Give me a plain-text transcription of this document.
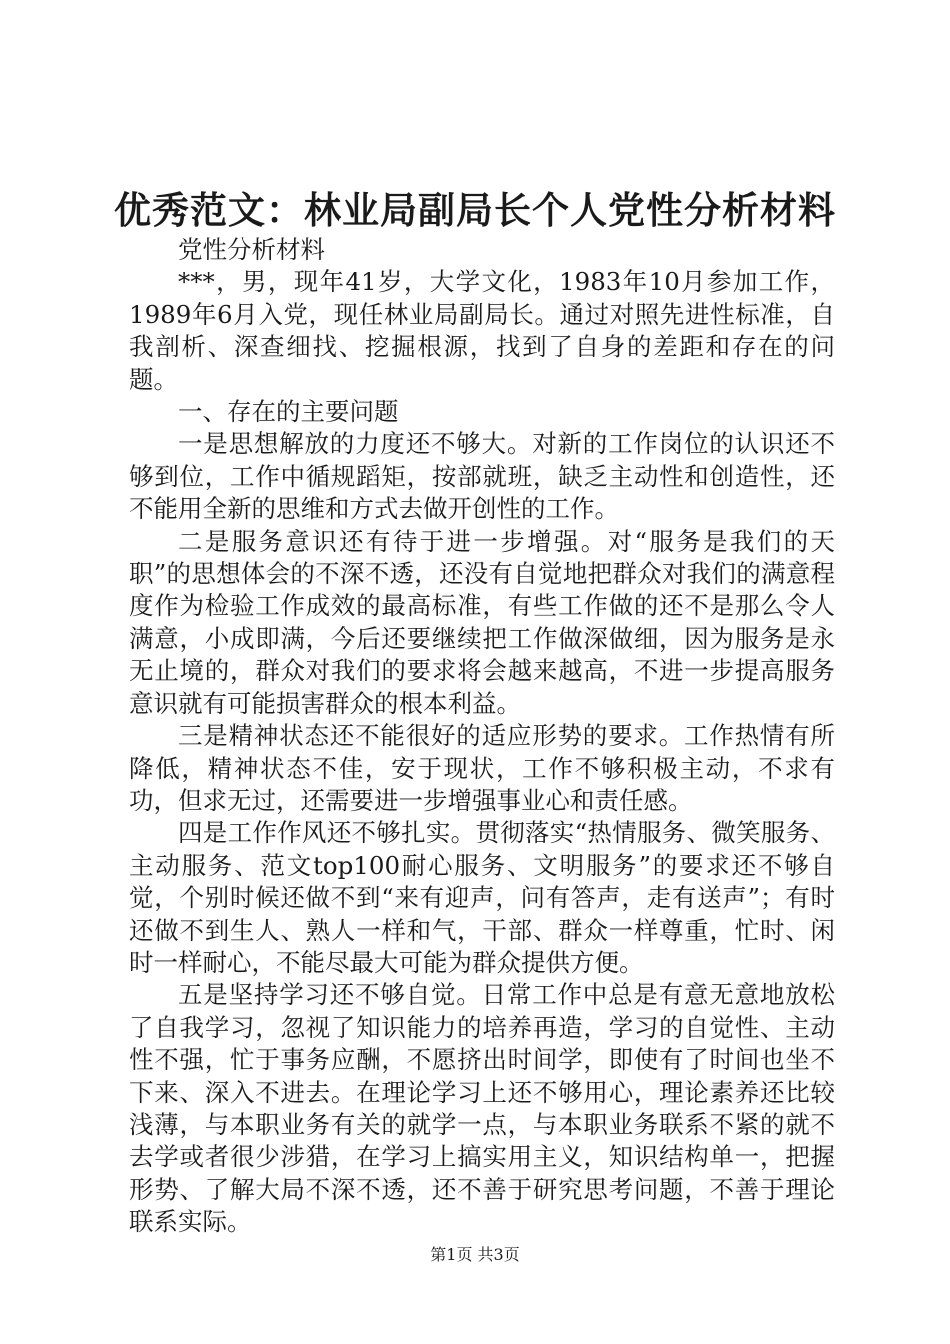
优秀范文：林业局副局长个人党性分析材料

党性分析材料

***，男，现年41岁，大学文化，1983年10月参加工作，1989年6月入党，现任林业局副局长。通过对照先进性标准，自我剖析、深查细找、挖掘根源，找到了自身的差距和存在的问题。

一、存在的主要问题

一是思想解放的力度还不够大。对新的工作岗位的认识还不够到位，工作中循规蹈矩，按部就班，缺乏主动性和创造性，还不能用全新的思维和方式去做开创性的工作。

二是服务意识还有待于进一步增强。对“服务是我们的天职”的思想体会的不深不透，还没有自觉地把群众对我们的满意程度作为检验工作成效的最高标准，有些工作做的还不是那么令人满意，小成即满，今后还要继续把工作做深做细，因为服务是永无止境的，群众对我们的要求将会越来越高，不进一步提高服务意识就有可能损害群众的根本利益。

三是精神状态还不能很好的适应形势的要求。工作热情有所降低，精神状态不佳，安于现状，工作不够积极主动，不求有功，但求无过，还需要进一步增强事业心和责任感。

四是工作作风还不够扎实。贯彻落实“热情服务、微笑服务、主动服务、范文top100耐心服务、文明服务”的要求还不够自觉，个别时候还做不到“来有迎声，问有答声，走有送声”；有时还做不到生人、熟人一样和气，干部、群众一样尊重，忙时、闲时一样耐心，不能尽最大可能为群众提供方便。

五是坚持学习还不够自觉。日常工作中总是有意无意地放松了自我学习，忽视了知识能力的培养再造，学习的自觉性、主动性不强，忙于事务应酬，不愿挤出时间学，即使有了时间也坐不下来、深入不进去。在理论学习上还不够用心，理论素养还比较浅薄，与本职业务有关的就学一点，与本职业务联系不紧的就不去学或者很少涉猎，在学习上搞实用主义，知识结构单一，把握形势、了解大局不深不透，还不善于研究思考问题，不善于理论联系实际。

第1页 共3页
